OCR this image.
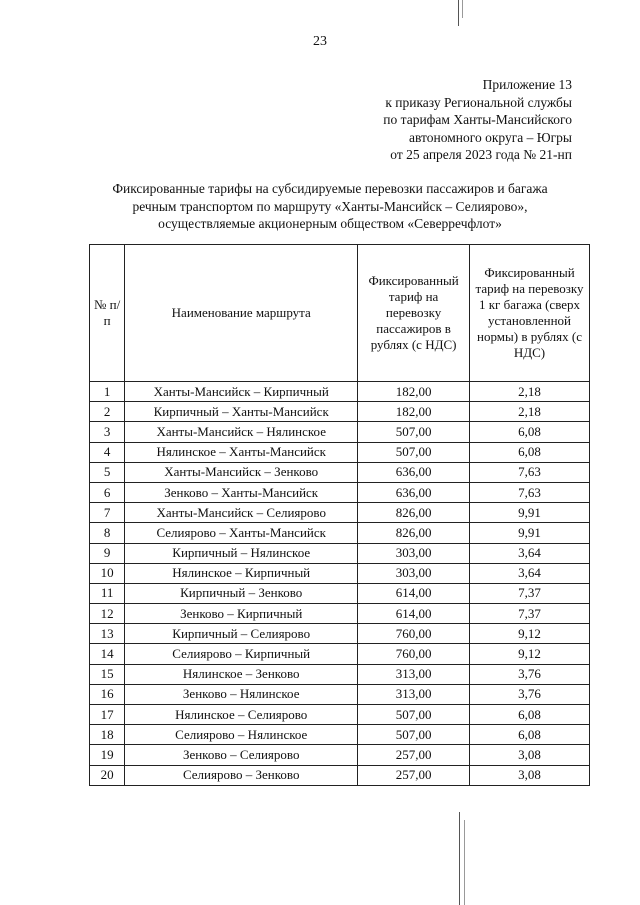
23
Приложение 13
к приказу Региональной службы
по тарифам Ханты-Мансийского
автономного округа – Югры
от 25 апреля 2023 года № 21-нп
Фиксированные тарифы на субсидируемые перевозки пассажиров и багажа
речным транспортом по маршруту «Ханты-Мансийск – Селиярово»,
осуществляемые акционерным обществом «Северречфлот»
№ п/п	Наименование маршрута	Фиксированный тариф на перевозку пассажиров в рублях (с НДС)	Фиксированный тариф на перевозку 1 кг багажа (сверх установленной нормы) в рублях (с НДС)
1	Ханты-Мансийск – Кирпичный	182,00	2,18
2	Кирпичный – Ханты-Мансийск	182,00	2,18
3	Ханты-Мансийск – Нялинское	507,00	6,08
4	Нялинское – Ханты-Мансийск	507,00	6,08
5	Ханты-Мансийск – Зенково	636,00	7,63
6	Зенково – Ханты-Мансийск	636,00	7,63
7	Ханты-Мансийск – Селиярово	826,00	9,91
8	Селиярово – Ханты-Мансийск	826,00	9,91
9	Кирпичный – Нялинское	303,00	3,64
10	Нялинское – Кирпичный	303,00	3,64
11	Кирпичный – Зенково	614,00	7,37
12	Зенково – Кирпичный	614,00	7,37
13	Кирпичный – Селиярово	760,00	9,12
14	Селиярово – Кирпичный	760,00	9,12
15	Нялинское – Зенково	313,00	3,76
16	Зенково – Нялинское	313,00	3,76
17	Нялинское – Селиярово	507,00	6,08
18	Селиярово – Нялинское	507,00	6,08
19	Зенково – Селиярово	257,00	3,08
20	Селиярово – Зенково	257,00	3,08
